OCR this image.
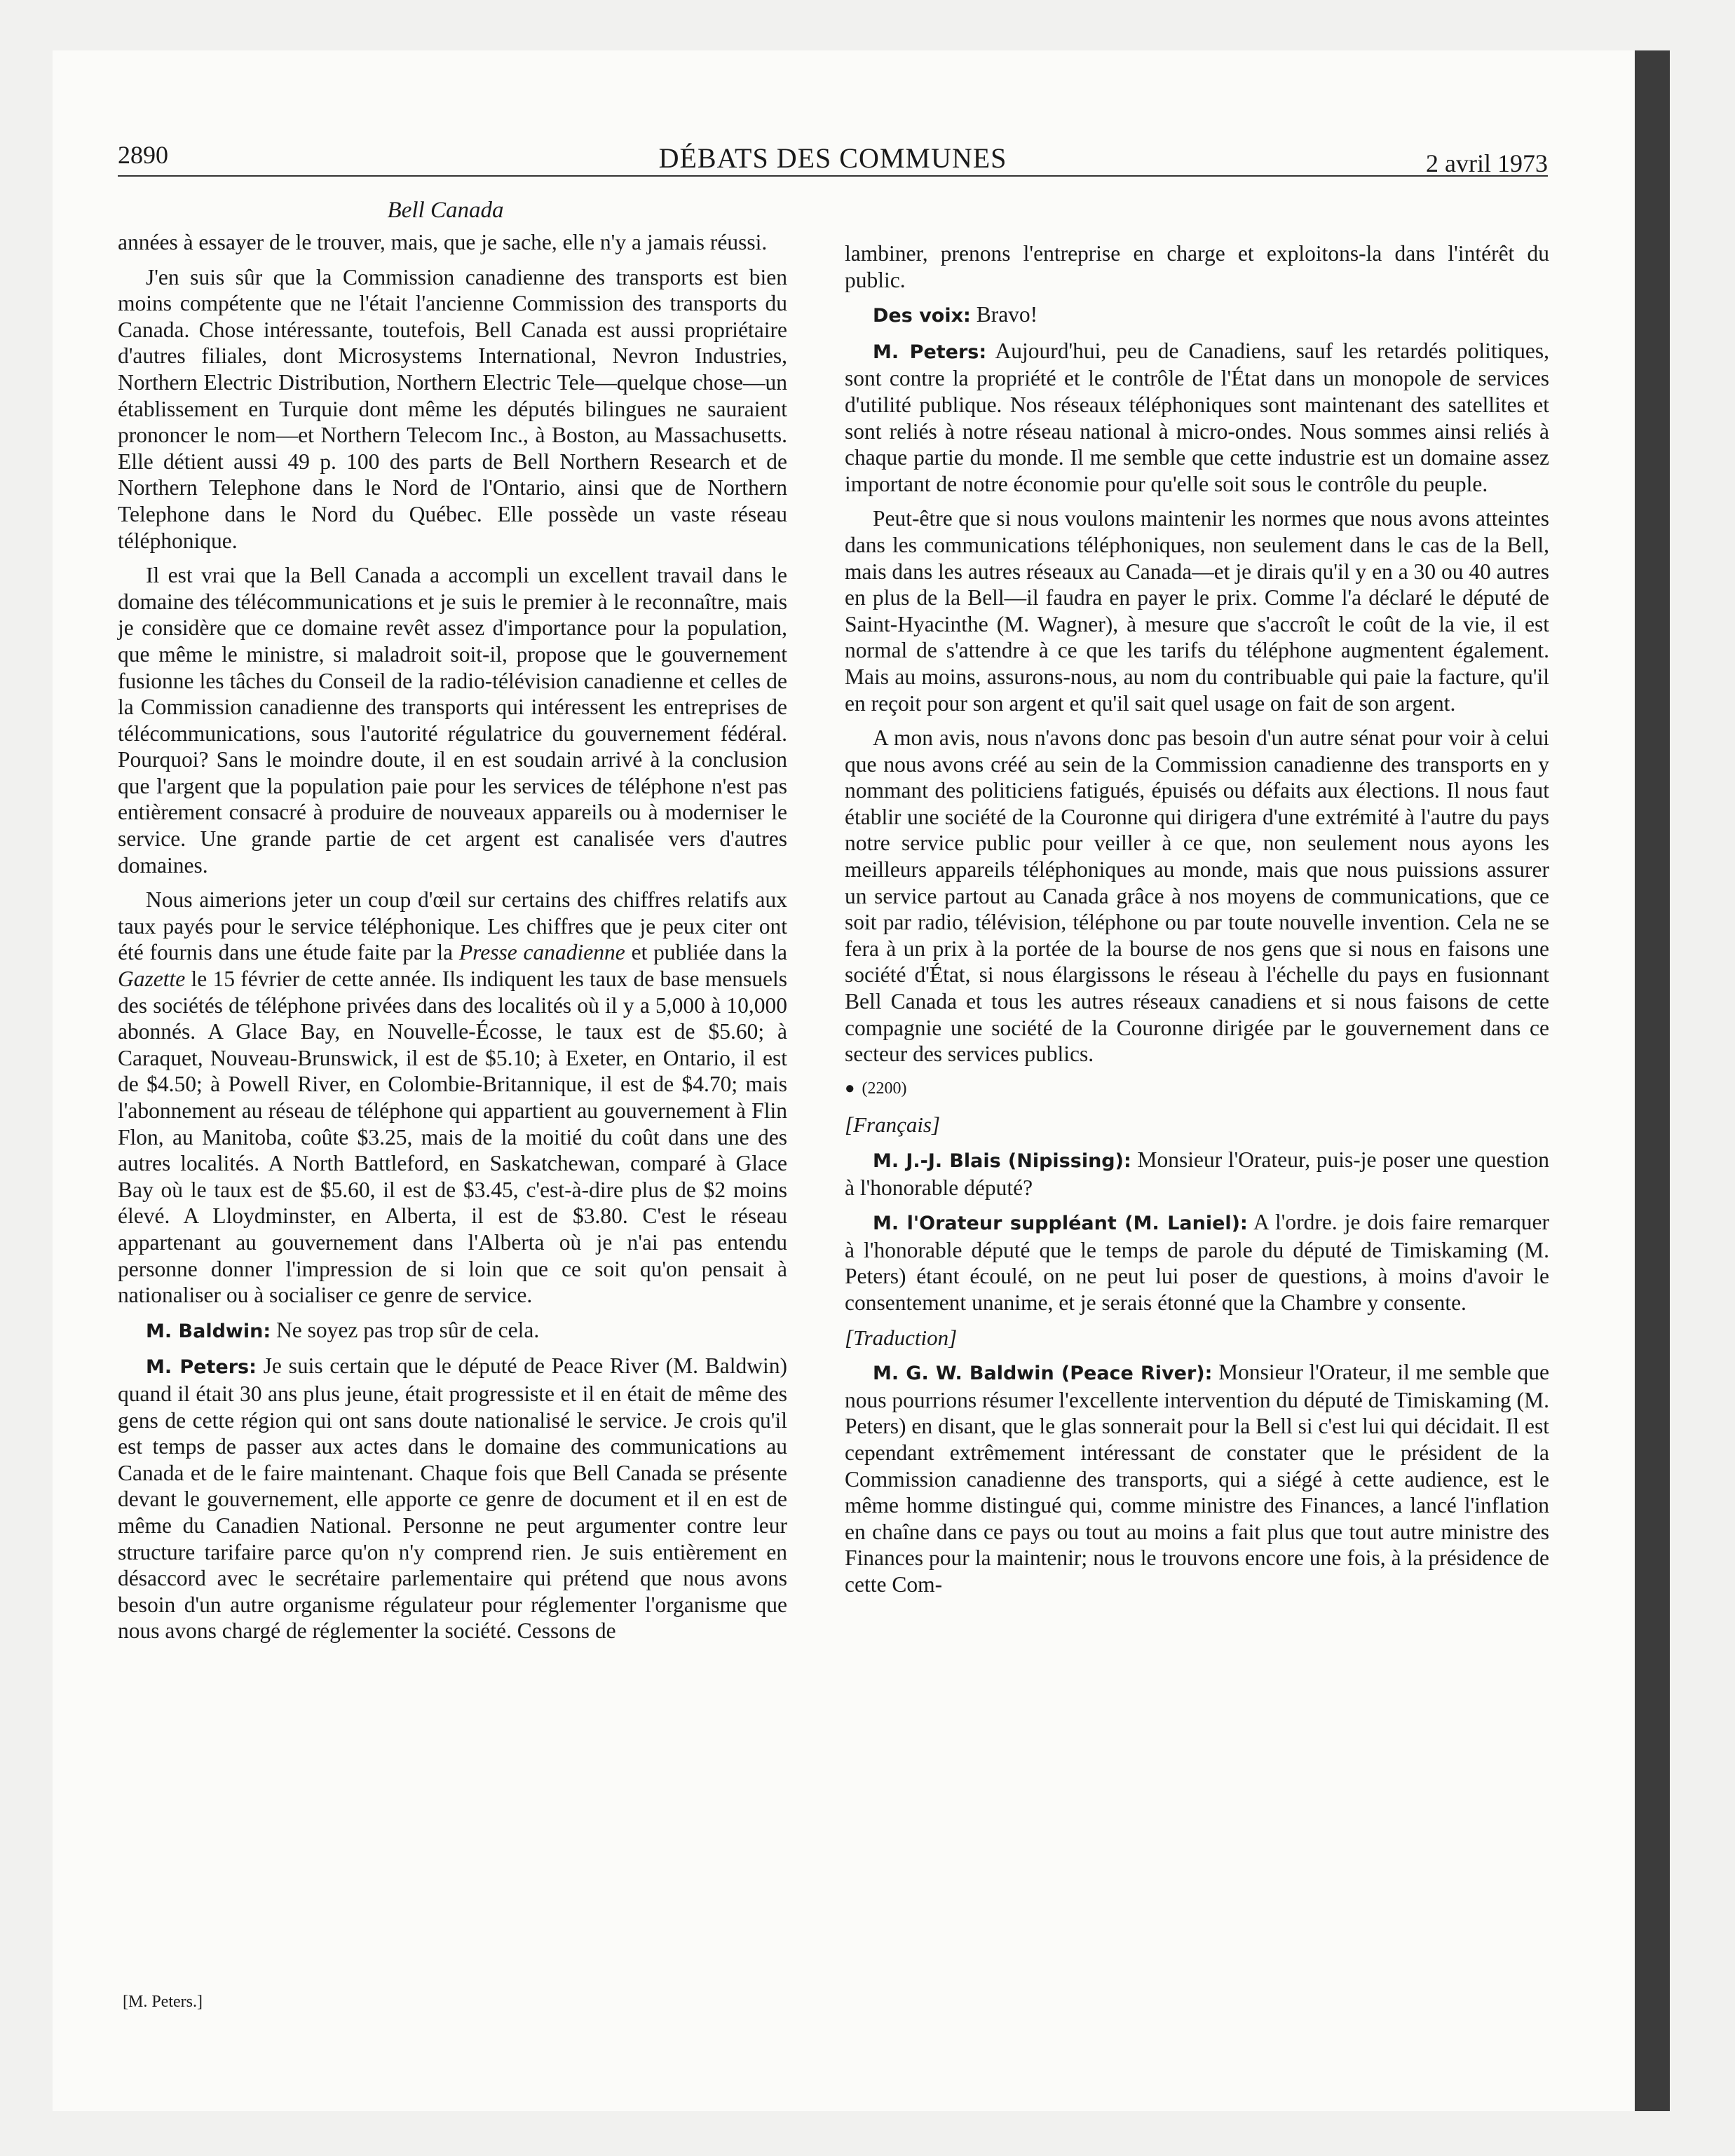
2890	DÉBATS DES COMMUNES	2 avril 1973
Bell Canada

années à essayer de le trouver, mais, que je sache, elle n'y a jamais réussi.

J'en suis sûr que la Commission canadienne des transports est bien moins compétente que ne l'était l'ancienne Commission des transports du Canada. Chose intéressante, toutefois, Bell Canada est aussi propriétaire d'autres filiales, dont Microsystems International, Nevron Industries, Northern Electric Distribution, Northern Electric Tele—quelque chose—un établissement en Turquie dont même les députés bilingues ne sauraient prononcer le nom—et Northern Telecom Inc., à Boston, au Massachusetts. Elle détient aussi 49 p. 100 des parts de Bell Northern Research et de Northern Telephone dans le Nord de l'Ontario, ainsi que de Northern Telephone dans le Nord du Québec. Elle possède un vaste réseau téléphonique.

Il est vrai que la Bell Canada a accompli un excellent travail dans le domaine des télécommunications et je suis le premier à le reconnaître, mais je considère que ce domaine revêt assez d'importance pour la population, que même le ministre, si maladroit soit-il, propose que le gouvernement fusionne les tâches du Conseil de la radio-télévision canadienne et celles de la Commission canadienne des transports qui intéressent les entreprises de télécommunications, sous l'autorité régulatrice du gouvernement fédéral. Pourquoi? Sans le moindre doute, il en est soudain arrivé à la conclusion que l'argent que la population paie pour les services de téléphone n'est pas entièrement consacré à produire de nouveaux appareils ou à moderniser le service. Une grande partie de cet argent est canalisée vers d'autres domaines.

Nous aimerions jeter un coup d'œil sur certains des chiffres relatifs aux taux payés pour le service téléphonique. Les chiffres que je peux citer ont été fournis dans une étude faite par la Presse canadienne et publiée dans la Gazette le 15 février de cette année. Ils indiquent les taux de base mensuels des sociétés de téléphone privées dans des localités où il y a 5,000 à 10,000 abonnés. A Glace Bay, en Nouvelle-Écosse, le taux est de $5.60; à Caraquet, Nouveau-Brunswick, il est de $5.10; à Exeter, en Ontario, il est de $4.50; à Powell River, en Colombie-Britannique, il est de $4.70; mais l'abonnement au réseau de téléphone qui appartient au gouvernement à Flin Flon, au Manitoba, coûte $3.25, mais de la moitié du coût dans une des autres localités. A North Battleford, en Saskatchewan, comparé à Glace Bay où le taux est de $5.60, il est de $3.45, c'est-à-dire plus de $2 moins élevé. A Lloydminster, en Alberta, il est de $3.80. C'est le réseau appartenant au gouvernement dans l'Alberta où je n'ai pas entendu personne donner l'impression de si loin que ce soit qu'on pensait à nationaliser ou à socialiser ce genre de service.

M. Baldwin: Ne soyez pas trop sûr de cela.

M. Peters: Je suis certain que le député de Peace River (M. Baldwin) quand il était 30 ans plus jeune, était progressiste et il en était de même des gens de cette région qui ont sans doute nationalisé le service. Je crois qu'il est temps de passer aux actes dans le domaine des communications au Canada et de le faire maintenant. Chaque fois que Bell Canada se présente devant le gouvernement, elle apporte ce genre de document et il en est de même du Canadien National. Personne ne peut argumenter contre leur structure tarifaire parce qu'on n'y comprend rien. Je suis entièrement en désaccord avec le secrétaire parlementaire qui prétend que nous avons besoin d'un autre organisme régulateur pour réglementer l'organisme que nous avons chargé de réglementer la société. Cessons de

lambiner, prenons l'entreprise en charge et exploitons-la dans l'intérêt du public.

Des voix: Bravo!

M. Peters: Aujourd'hui, peu de Canadiens, sauf les retardés politiques, sont contre la propriété et le contrôle de l'État dans un monopole de services d'utilité publique. Nos réseaux téléphoniques sont maintenant des satellites et sont reliés à notre réseau national à micro-ondes. Nous sommes ainsi reliés à chaque partie du monde. Il me semble que cette industrie est un domaine assez important de notre économie pour qu'elle soit sous le contrôle du peuple.

Peut-être que si nous voulons maintenir les normes que nous avons atteintes dans les communications téléphoniques, non seulement dans le cas de la Bell, mais dans les autres réseaux au Canada—et je dirais qu'il y en a 30 ou 40 autres en plus de la Bell—il faudra en payer le prix. Comme l'a déclaré le député de Saint-Hyacinthe (M. Wagner), à mesure que s'accroît le coût de la vie, il est normal de s'attendre à ce que les tarifs du téléphone augmentent également. Mais au moins, assurons-nous, au nom du contribuable qui paie la facture, qu'il en reçoit pour son argent et qu'il sait quel usage on fait de son argent.

A mon avis, nous n'avons donc pas besoin d'un autre sénat pour voir à celui que nous avons créé au sein de la Commission canadienne des transports en y nommant des politiciens fatigués, épuisés ou défaits aux élections. Il nous faut établir une société de la Couronne qui dirigera d'une extrémité à l'autre du pays notre service public pour veiller à ce que, non seulement nous ayons les meilleurs appareils téléphoniques au monde, mais que nous puissions assurer un service partout au Canada grâce à nos moyens de communications, que ce soit par radio, télévision, téléphone ou par toute nouvelle invention. Cela ne se fera à un prix à la portée de la bourse de nos gens que si nous en faisons une société d'État, si nous élargissons le réseau à l'échelle du pays en fusionnant Bell Canada et tous les autres réseaux canadiens et si nous faisons de cette compagnie une société de la Couronne dirigée par le gouvernement dans ce secteur des services publics.

● (2200)
[Français]

M. J.-J. Blais (Nipissing): Monsieur l'Orateur, puis-je poser une question à l'honorable député?

M. l'Orateur suppléant (M. Laniel): A l'ordre. je dois faire remarquer à l'honorable député que le temps de parole du député de Timiskaming (M. Peters) étant écoulé, on ne peut lui poser de questions, à moins d'avoir le consentement unanime, et je serais étonné que la Chambre y consente.

[Traduction]

M. G. W. Baldwin (Peace River): Monsieur l'Orateur, il me semble que nous pourrions résumer l'excellente intervention du député de Timiskaming (M. Peters) en disant, que le glas sonnerait pour la Bell si c'est lui qui décidait. Il est cependant extrêmement intéressant de constater que le président de la Commission canadienne des transports, qui a siégé à cette audience, est le même homme distingué qui, comme ministre des Finances, a lancé l'inflation en chaîne dans ce pays ou tout au moins a fait plus que tout autre ministre des Finances pour la maintenir; nous le trouvons encore une fois, à la présidence de cette Com-

[M. Peters.]
